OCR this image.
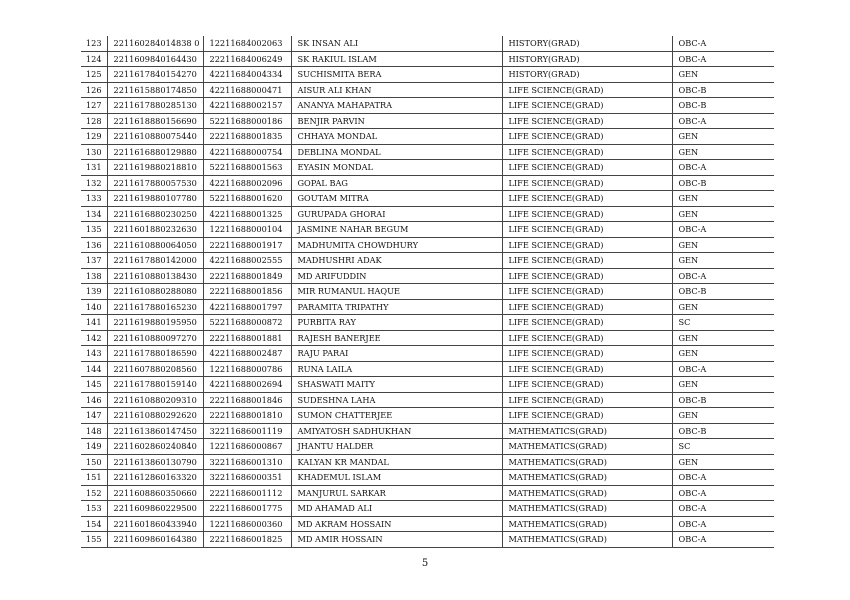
123	221160284014838 0	12211684002063	SK INSAN ALI	HISTORY(GRAD)	OBC-A
124	2211609840164430	22211684006249	SK RAKIUL ISLAM	HISTORY(GRAD)	OBC-A
125	2211617840154270	42211684004334	SUCHISMITA BERA	HISTORY(GRAD)	GEN
126	2211615880174850	42211688000471	AISUR ALI KHAN	LIFE SCIENCE(GRAD)	OBC-B
127	2211617880285130	42211688002157	ANANYA MAHAPATRA	LIFE SCIENCE(GRAD)	OBC-B
128	2211618880156690	52211688000186	BENJIR PARVIN	LIFE SCIENCE(GRAD)	OBC-A
129	2211610880075440	22211688001835	CHHAYA MONDAL	LIFE SCIENCE(GRAD)	GEN
130	2211616880129880	42211688000754	DEBLINA MONDAL	LIFE SCIENCE(GRAD)	GEN
131	2211619880218810	52211688001563	EYASIN MONDAL	LIFE SCIENCE(GRAD)	OBC-A
132	2211617880057530	42211688002096	GOPAL BAG	LIFE SCIENCE(GRAD)	OBC-B
133	2211619880107780	52211688001620	GOUTAM MITRA	LIFE SCIENCE(GRAD)	GEN
134	2211616880230250	42211688001325	GURUPADA GHORAI	LIFE SCIENCE(GRAD)	GEN
135	2211601880232630	12211688000104	JASMINE NAHAR BEGUM	LIFE SCIENCE(GRAD)	OBC-A
136	2211610880064050	22211688001917	MADHUMITA CHOWDHURY	LIFE SCIENCE(GRAD)	GEN
137	2211617880142000	42211688002555	MADHUSHRI ADAK	LIFE SCIENCE(GRAD)	GEN
138	2211610880138430	22211688001849	MD ARIFUDDIN	LIFE SCIENCE(GRAD)	OBC-A
139	2211610880288080	22211688001856	MIR RUMANUL HAQUE	LIFE SCIENCE(GRAD)	OBC-B
140	2211617880165230	42211688001797	PARAMITA TRIPATHY	LIFE SCIENCE(GRAD)	GEN
141	2211619880195950	52211688000872	PURBITA RAY	LIFE SCIENCE(GRAD)	SC
142	2211610880097270	22211688001881	RAJESH BANERJEE	LIFE SCIENCE(GRAD)	GEN
143	2211617880186590	42211688002487	RAJU PARAI	LIFE SCIENCE(GRAD)	GEN
144	2211607880208560	12211688000786	RUNA LAILA	LIFE SCIENCE(GRAD)	OBC-A
145	2211617880159140	42211688002694	SHASWATI MAITY	LIFE SCIENCE(GRAD)	GEN
146	2211610880209310	22211688001846	SUDESHNA LAHA	LIFE SCIENCE(GRAD)	OBC-B
147	2211610880292620	22211688001810	SUMON CHATTERJEE	LIFE SCIENCE(GRAD)	GEN
148	2211613860147450	32211686001119	AMIYATOSH SADHUKHAN	MATHEMATICS(GRAD)	OBC-B
149	2211602860240840	12211686000867	JHANTU HALDER	MATHEMATICS(GRAD)	SC
150	2211613860130790	32211686001310	KALYAN KR MANDAL	MATHEMATICS(GRAD)	GEN
151	2211612860163320	32211686000351	KHADEMUL ISLAM	MATHEMATICS(GRAD)	OBC-A
152	2211608860350660	22211686001112	MANJURUL SARKAR	MATHEMATICS(GRAD)	OBC-A
153	2211609860229500	22211686001775	MD AHAMAD ALI	MATHEMATICS(GRAD)	OBC-A
154	2211601860433940	12211686000360	MD AKRAM HOSSAIN	MATHEMATICS(GRAD)	OBC-A
155	2211609860164380	22211686001825	MD AMIR HOSSAIN	MATHEMATICS(GRAD)	OBC-A
5
